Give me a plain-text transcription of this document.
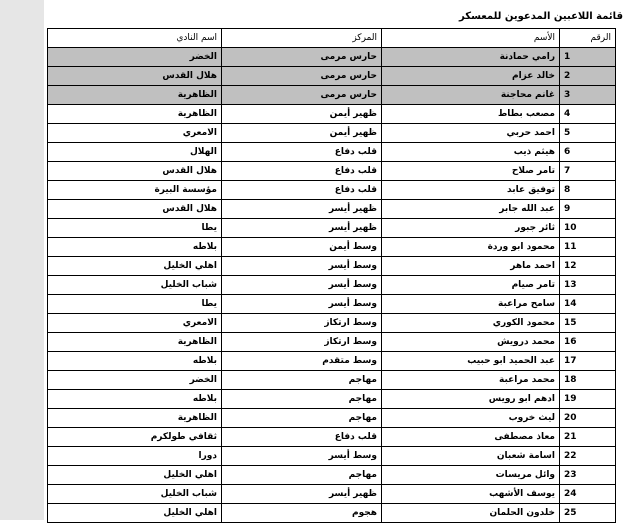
قائمة اللاعبين المدعوين للمعسكر
الرقم	الأسم	المركز	اسم النادي
1	رامي حمادنة	حارس مرمى	الخضر
2	خالد عزام	حارس مرمى	هلال القدس
3	غانم محاجنة	حارس مرمى	الظاهرية
4	مصعب بطاط	ظهير أيمن	الظاهرية
5	احمد حربي	ظهير أيمن	الامعري
6	هيثم ذيب	قلب دفاع	الهلال
7	تامر صلاح	قلب دفاع	هلال القدس
8	توفيق عابد	قلب دفاع	مؤسسة البيرة
9	عبد الله جابر	ظهير أيسر	هلال القدس
10	ثائر جبور	ظهير أيسر	يطا
11	محمود ابو وردة	وسط أيمن	بلاطه
12	احمد ماهر	وسط أيسر	اهلي الخليل
13	تامر صيام	وسط أيسر	شباب الخليل
14	سامح مراعبة	وسط أيسر	يطا
15	محمود الكوري	وسط ارتكاز	الامعري
16	محمد درويش	وسط ارتكاز	الظاهرية
17	عبد الحميد ابو حبيب	وسط متقدم	بلاطه
18	محمد مراعبة	مهاجم	الخضر
19	ادهم ابو رويس	مهاجم	بلاطه
20	ليث خروب	مهاجم	الظاهرية
21	معاذ مصطفى	قلب دفاع	ثقافي طولكرم
22	اسامة شعبان	وسط أيسر	دورا
23	وائل مريسات	مهاجم	اهلي الخليل
24	يوسف الأشهب	ظهير أيسر	شباب الخليل
25	خلدون الحلمان	هجوم	اهلي الخليل
